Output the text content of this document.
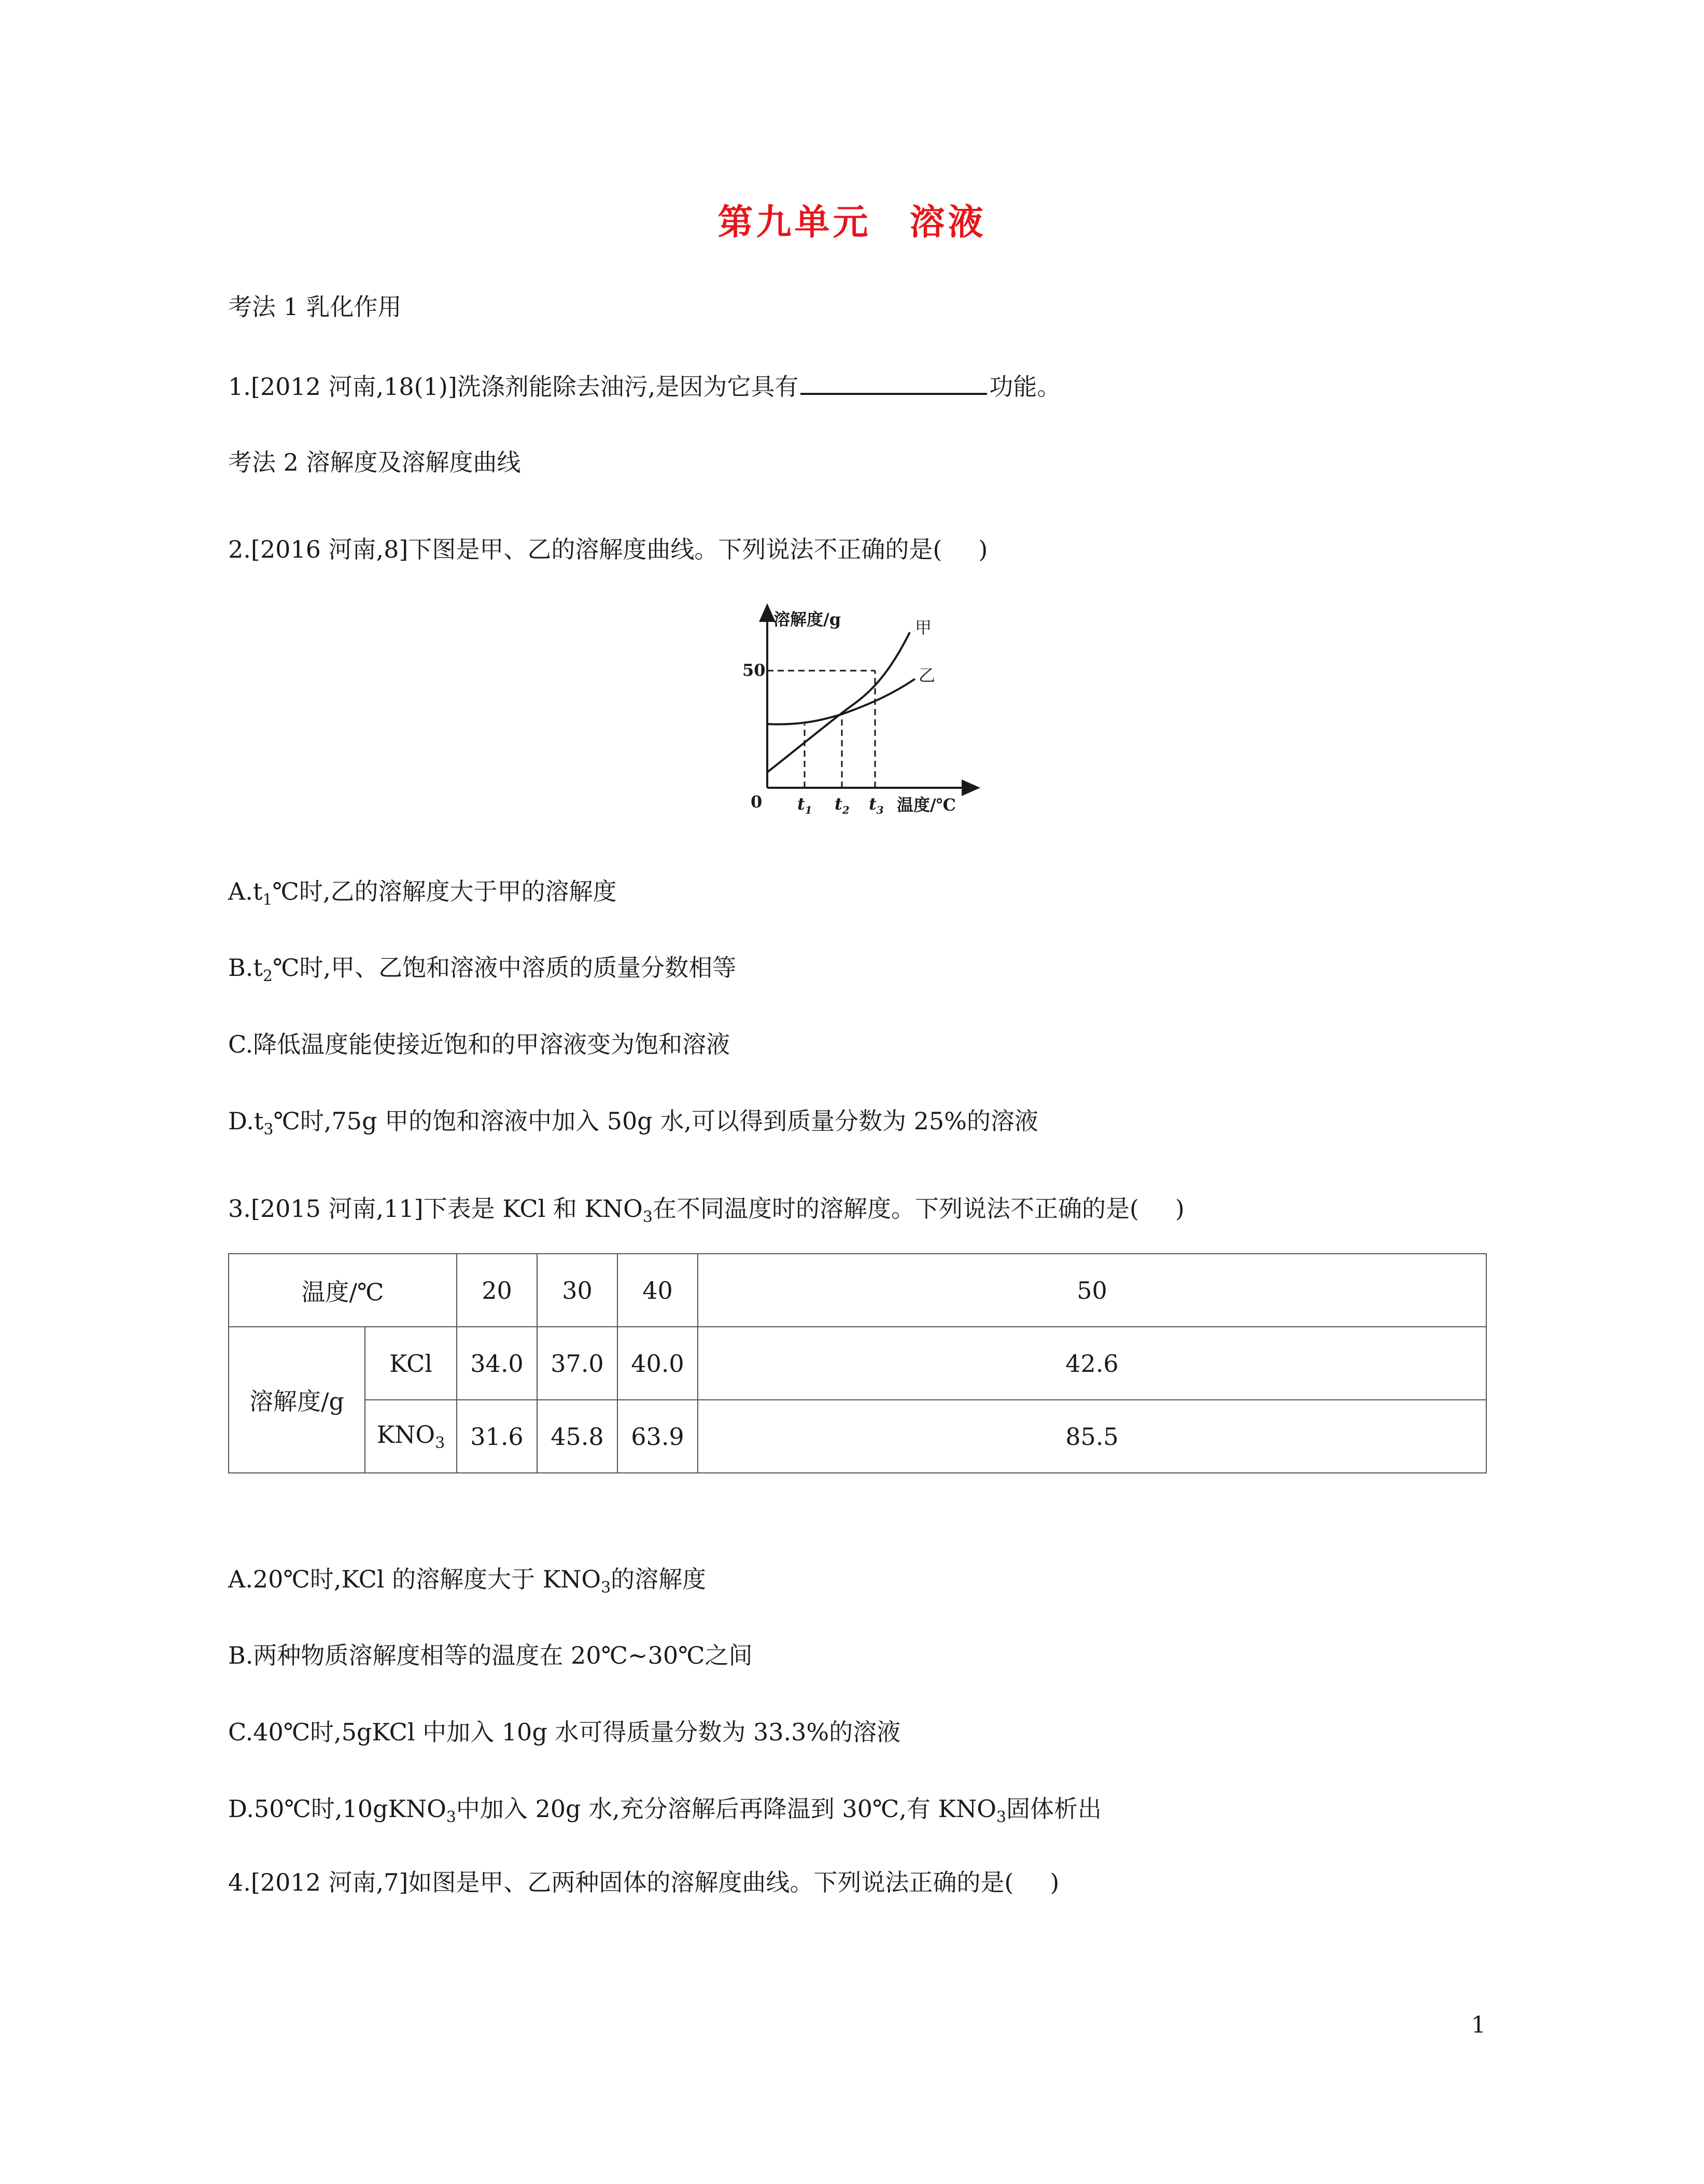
第九单元　溶液
考法 1 乳化作用
1.[2012 河南,18(1)]洗涤剂能除去油污,是因为它具有	功能。
考法 2 溶解度及溶解度曲线
2.[2016 河南,8]下图是甲、乙的溶解度曲线。下列说法不正确的是( )
溶解度/g	甲
乙
50
0 $t_1$ $t_2$ $t_3$ 温度/℃
$A.t_1℃$时,乙的溶解度大于甲的溶解度
$B.t_2℃$时,甲、乙饱和溶液中溶质的质量分数相等
C.降低温度能使接近饱和的甲溶液变为饱和溶液
$D.t_3℃$时,75g 甲的饱和溶液中加入 50g 水,可以得到质量分数为 25%的溶液
3.[2015 河南,11]下表是 KCl 和 $KNO_3$在不同温度时的溶解度。下列说法不正确的是( )
温度/℃		20	30	40	50
溶解度/g	KCl	34.0	37.0	40.0	42.6
	$KNO_3$	31.6	45.8	63.9	85.5
A.20℃时,KCl 的溶解度大于 $KNO_3$的溶解度
B.两种物质溶解度相等的温度在 20℃~30℃之间
C.40℃时,5gKCl 中加入 10g 水可得质量分数为 33.3%的溶液
D.50℃时,10gKNO$_3$中加入 20g 水,充分溶解后再降温到 30℃,有 $KNO_3$固体析出
4.[2012 河南,7]如图是甲、乙两种固体的溶解度曲线。下列说法正确的是( )
1
